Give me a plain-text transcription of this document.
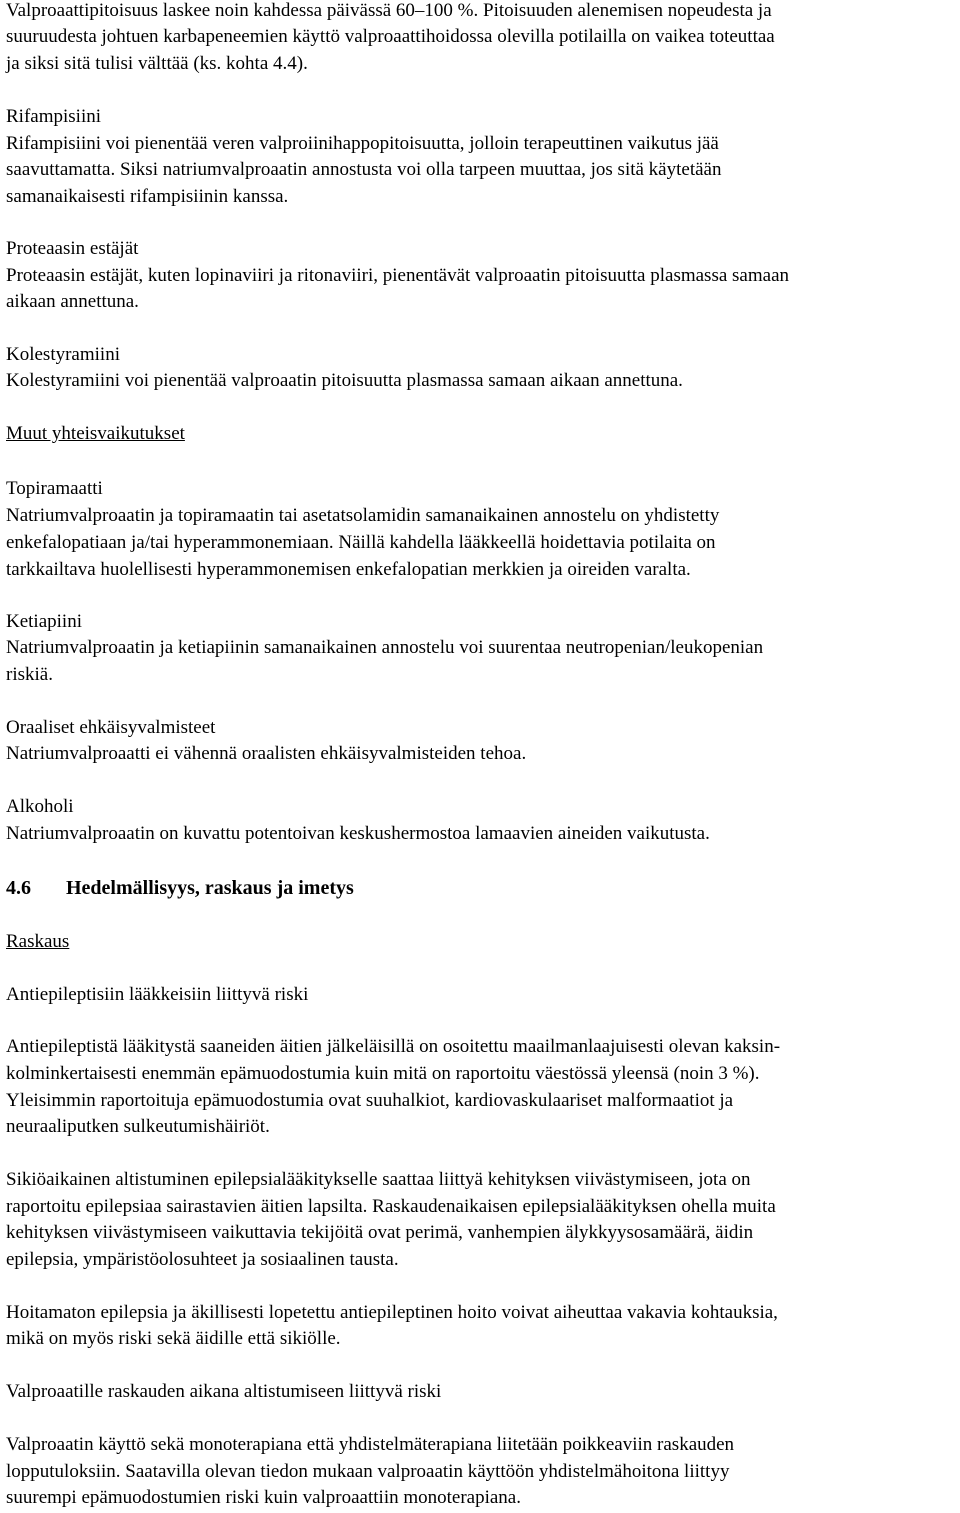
Valproaattipitoisuus laskee noin kahdessa päivässä 60–100 %. Pitoisuuden alenemisen nopeudesta ja
suuruudesta johtuen karbapeneemien käyttö valproaattihoidossa olevilla potilailla on vaikea toteuttaa
ja siksi sitä tulisi välttää (ks. kohta 4.4).
Rifampisiini
Rifampisiini voi pienentää veren valproiinihappopitoisuutta, jolloin terapeuttinen vaikutus jää
saavuttamatta. Siksi natriumvalproaatin annostusta voi olla tarpeen muuttaa, jos sitä käytetään
samanaikaisesti rifampisiinin kanssa.
Proteaasin estäjät
Proteaasin estäjät, kuten lopinaviiri ja ritonaviiri, pienentävät valproaatin pitoisuutta plasmassa samaan
aikaan annettuna.
Kolestyramiini
Kolestyramiini voi pienentää valproaatin pitoisuutta plasmassa samaan aikaan annettuna.
Muut yhteisvaikutukset
Topiramaatti
Natriumvalproaatin ja topiramaatin tai asetatsolamidin samanaikainen annostelu on yhdistetty
enkefalopatiaan ja/tai hyperammonemiaan. Näillä kahdella lääkkeellä hoidettavia potilaita on
tarkkailtava huolellisesti hyperammonemisen enkefalopatian merkkien ja oireiden varalta.
Ketiapiini
Natriumvalproaatin ja ketiapiinin samanaikainen annostelu voi suurentaa neutropenian/leukopenian
riskiä.
Oraaliset ehkäisyvalmisteet
Natriumvalproaatti ei vähennä oraalisten ehkäisyvalmisteiden tehoa.
Alkoholi
Natriumvalproaatin on kuvattu potentoivan keskushermostoa lamaavien aineiden vaikutusta.
4.6 Hedelmällisyys, raskaus ja imetys
Raskaus
Antiepileptisiin lääkkeisiin liittyvä riski
Antiepileptistä lääkitystä saaneiden äitien jälkeläisillä on osoitettu maailmanlaajuisesti olevan kaksin-
kolminkertaisesti enemmän epämuodostumia kuin mitä on raportoitu väestössä yleensä (noin 3 %).
Yleisimmin raportoituja epämuodostumia ovat suuhalkiot, kardiovaskulaariset malformaatiot ja
neuraaliputken sulkeutumishäiriöt.
Sikiöaikainen altistuminen epilepsialääkitykselle saattaa liittyä kehityksen viivästymiseen, jota on
raportoitu epilepsiaa sairastavien äitien lapsilta. Raskaudenaikaisen epilepsialääkityksen ohella muita
kehityksen viivästymiseen vaikuttavia tekijöitä ovat perimä, vanhempien älykkyysosamäärä, äidin
epilepsia, ympäristöolosuhteet ja sosiaalinen tausta.
Hoitamaton epilepsia ja äkillisesti lopetettu antiepileptinen hoito voivat aiheuttaa vakavia kohtauksia,
mikä on myös riski sekä äidille että sikiölle.
Valproaatille raskauden aikana altistumiseen liittyvä riski
Valproaatin käyttö sekä monoterapiana että yhdistelmäterapiana liitetään poikkeaviin raskauden
lopputuloksiin. Saatavilla olevan tiedon mukaan valproaatin käyttöön yhdistelmähoitona liittyy
suurempi epämuodostumien riski kuin valproaattiin monoterapiana.
